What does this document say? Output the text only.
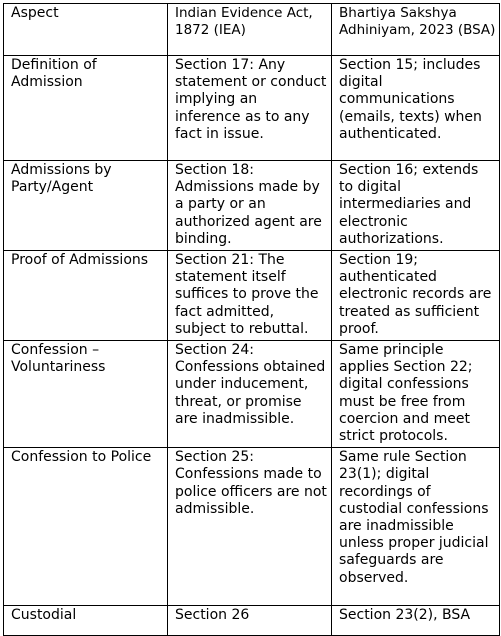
Aspect	Indian Evidence Act, 1872 (IEA)	Bhartiya Sakshya Adhiniyam, 2023 (BSA)

Definition of Admission	Section 17: Any statement or conduct implying an inference as to any fact in issue.	Section 15; includes digital communications (emails, texts) when authenticated.

Admissions by Party/Agent	Section 18: Admissions made by a party or an authorized agent are binding.	Section 16; extends to digital intermediaries and electronic authorizations.

Proof of Admissions	Section 21: The statement itself suffices to prove the fact admitted, subject to rebuttal.	Section 19; authenticated electronic records are treated as sufficient proof.

Confession – Voluntariness	Section 24: Confessions obtained under inducement, threat, or promise are inadmissible.	Same principle applies Section 22; digital confessions must be free from coercion and meet strict protocols.

Confession to Police	Section 25: Confessions made to police officers are not admissible.	Same rule Section 23(1); digital recordings of custodial confessions are inadmissible unless proper judicial safeguards are observed.

Custodial	Section 26	Section 23(2), BSA
